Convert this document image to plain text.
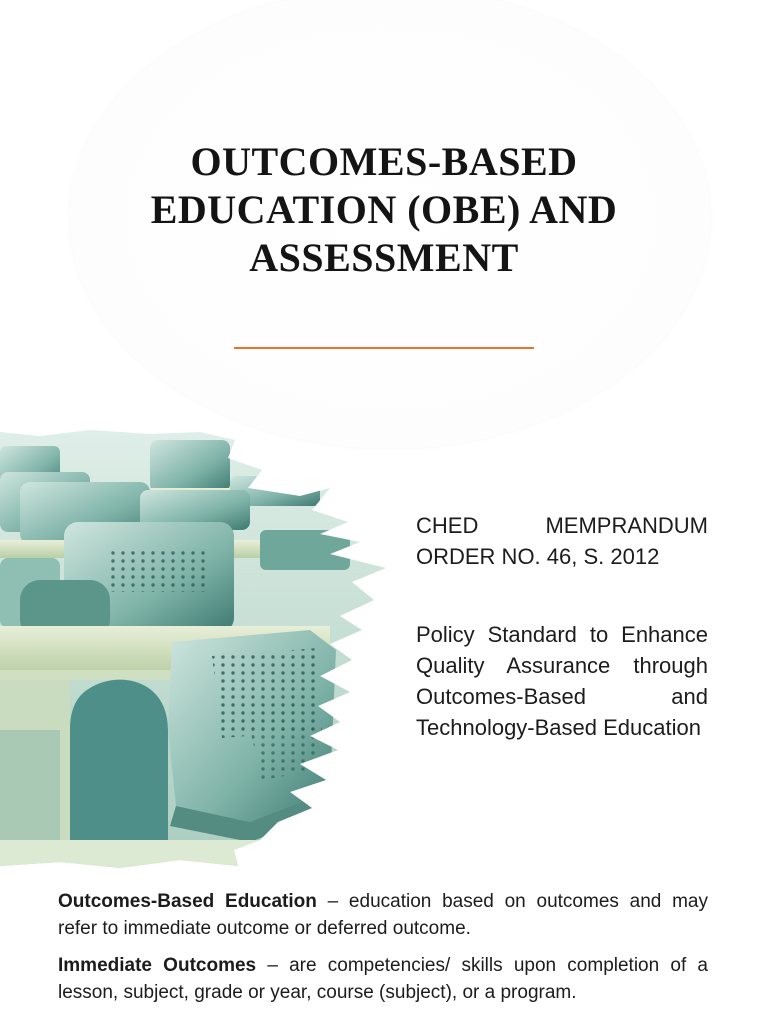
OUTCOMES-BASED
EDUCATION (OBE) AND
ASSESSMENT
CHED MEMPRANDUM
ORDER NO. 46, S. 2012
Policy Standard to Enhance Quality Assurance through Outcomes-Based and Technology-Based Education

Outcomes-Based Education – education based on outcomes and may refer to immediate outcome or deferred outcome.

Immediate Outcomes – are competencies/ skills upon completion of a lesson, subject, grade or year, course (subject), or a program.
